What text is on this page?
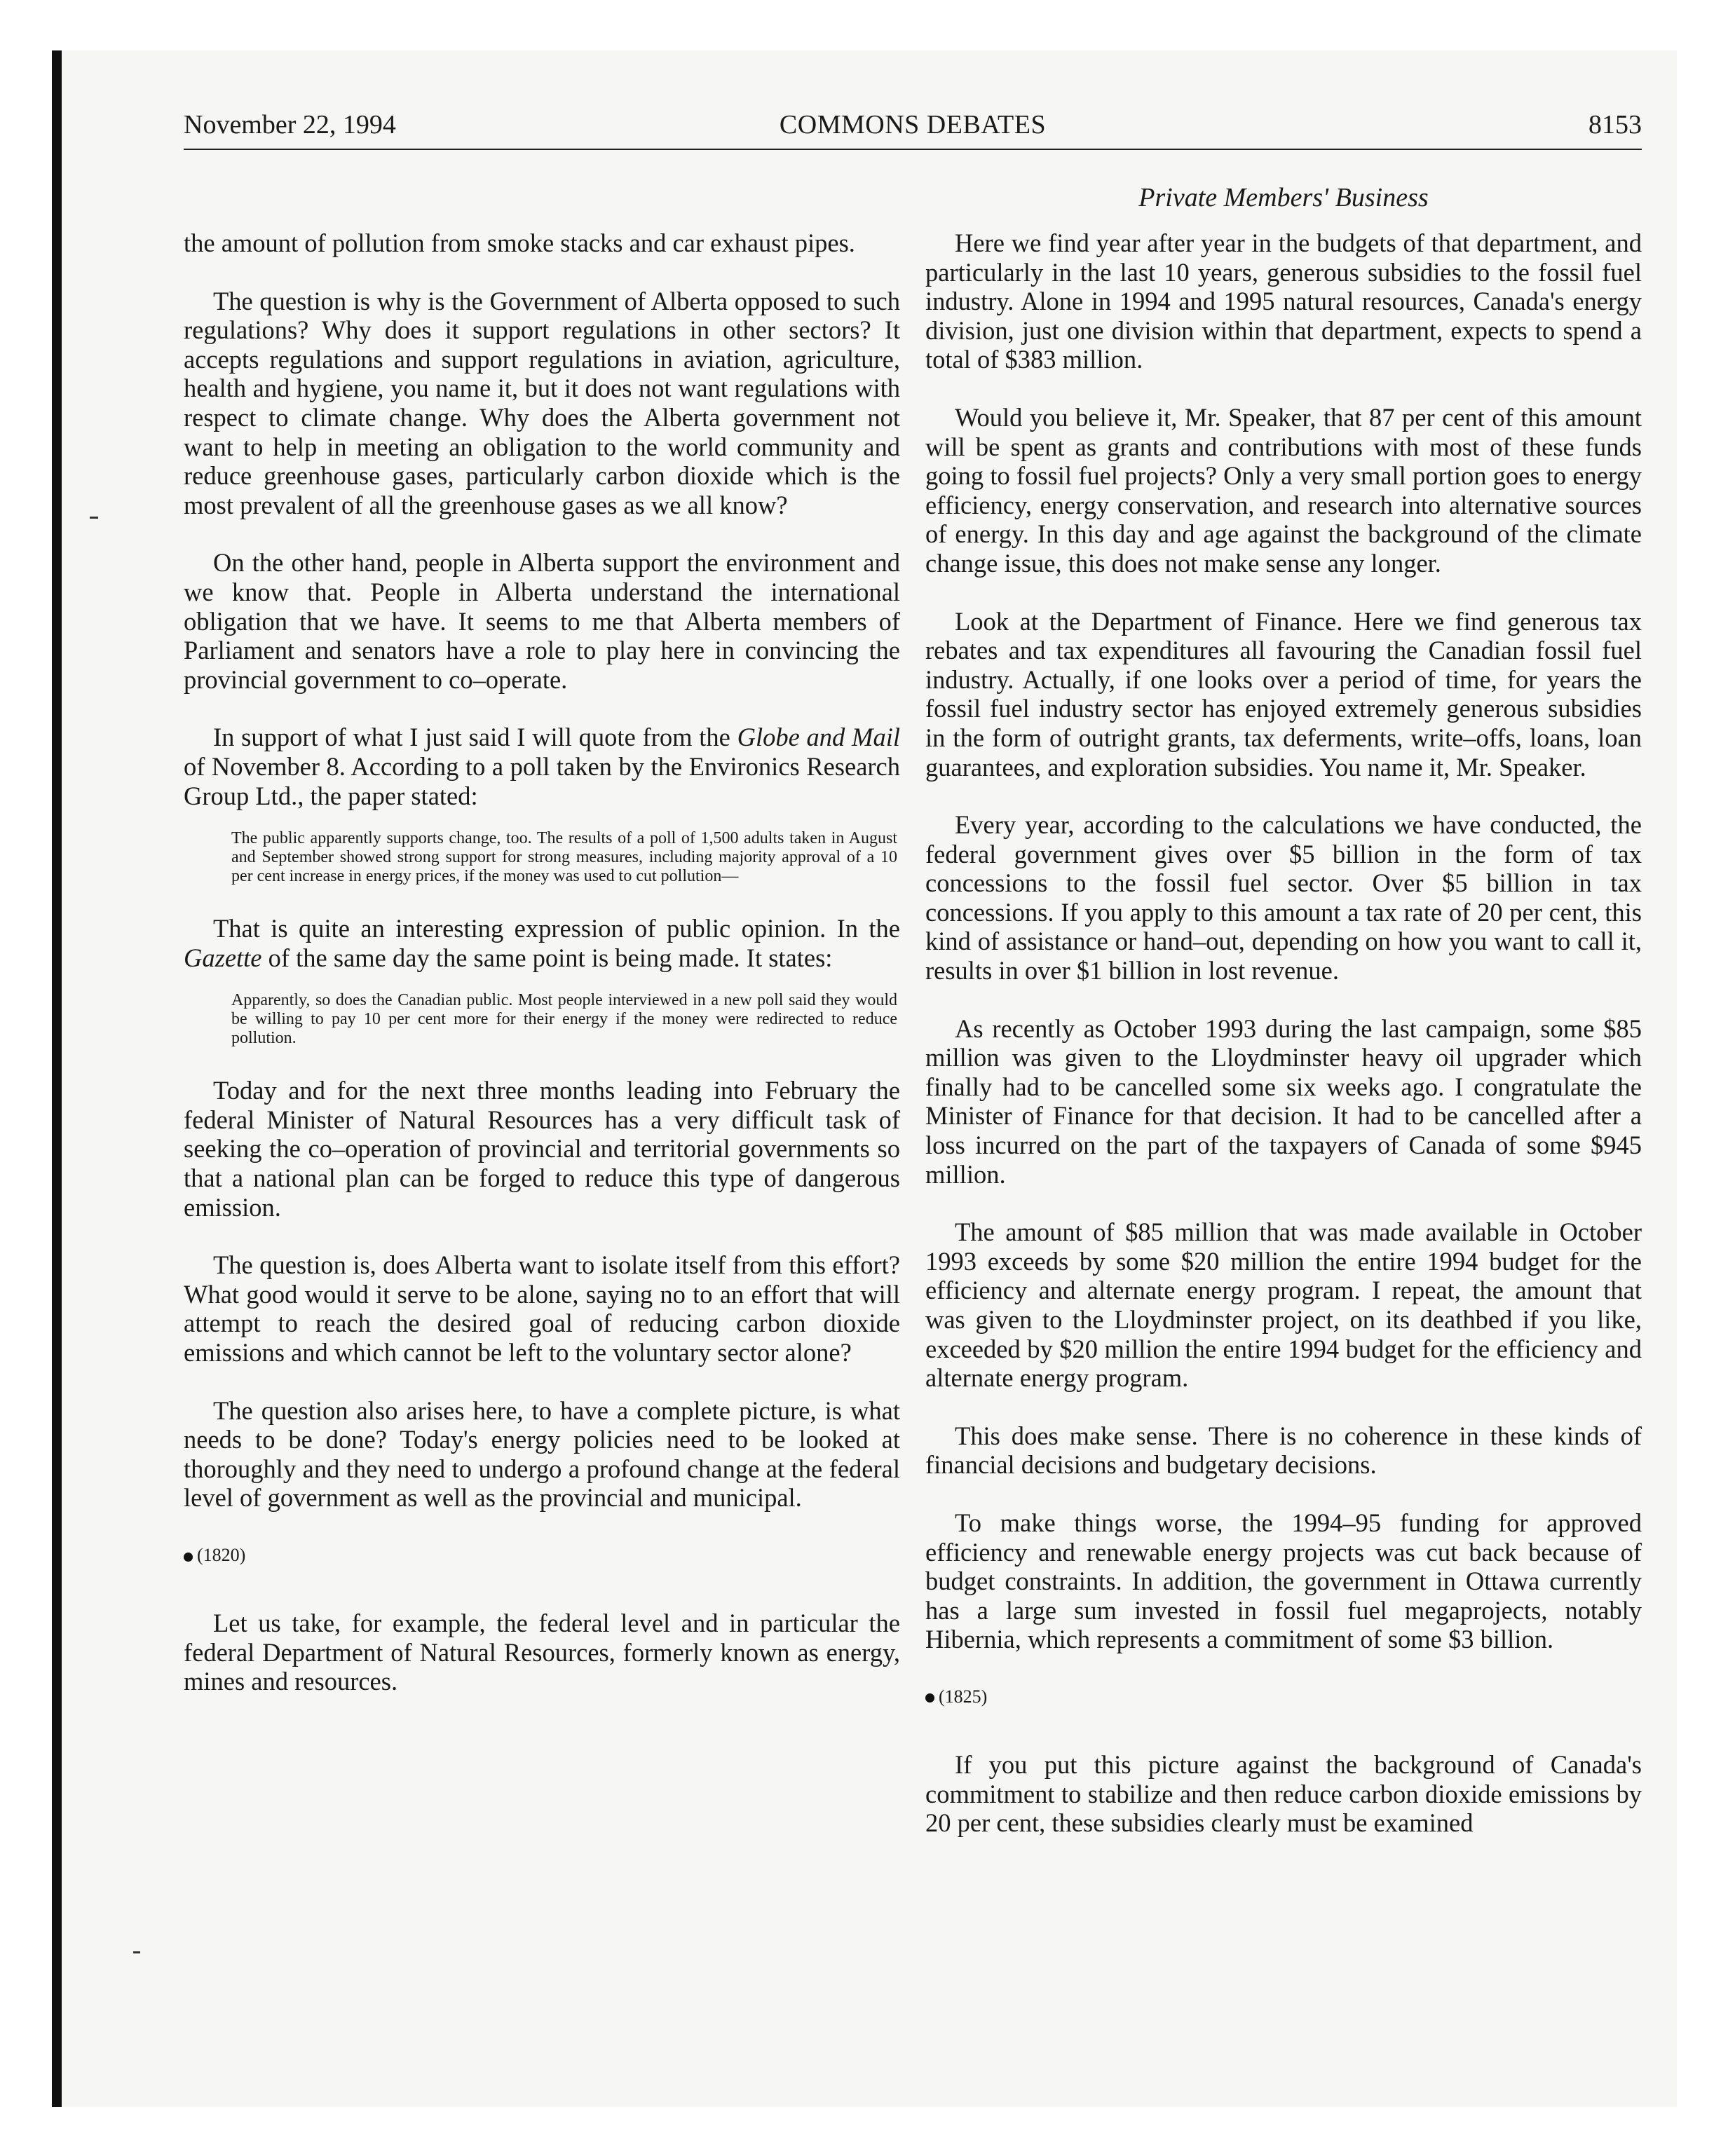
November 22, 1994	COMMONS DEBATES	8153
Private Members' Business

the amount of pollution from smoke stacks and car exhaust pipes.

The question is why is the Government of Alberta opposed to such regulations? Why does it support regulations in other sectors? It accepts regulations and support regulations in aviation, agriculture, health and hygiene, you name it, but it does not want regulations with respect to climate change. Why does the Alberta government not want to help in meeting an obligation to the world community and reduce greenhouse gases, particularly carbon dioxide which is the most prevalent of all the greenhouse gases as we all know?

On the other hand, people in Alberta support the environment and we know that. People in Alberta understand the international obligation that we have. It seems to me that Alberta members of Parliament and senators have a role to play here in convincing the provincial government to co–operate.

In support of what I just said I will quote from the Globe and Mail of November 8. According to a poll taken by the Environics Research Group Ltd., the paper stated:

The public apparently supports change, too. The results of a poll of 1,500 adults taken in August and September showed strong support for strong measures, including majority approval of a 10 per cent increase in energy prices, if the money was used to cut pollution—

That is quite an interesting expression of public opinion. In the Gazette of the same day the same point is being made. It states:

Apparently, so does the Canadian public. Most people interviewed in a new poll said they would be willing to pay 10 per cent more for their energy if the money were redirected to reduce pollution.

Today and for the next three months leading into February the federal Minister of Natural Resources has a very difficult task of seeking the co–operation of provincial and territorial governments so that a national plan can be forged to reduce this type of dangerous emission.

The question is, does Alberta want to isolate itself from this effort? What good would it serve to be alone, saying no to an effort that will attempt to reach the desired goal of reducing carbon dioxide emissions and which cannot be left to the voluntary sector alone?

The question also arises here, to have a complete picture, is what needs to be done? Today's energy policies need to be looked at thoroughly and they need to undergo a profound change at the federal level of government as well as the provincial and municipal.

(1820)

Let us take, for example, the federal level and in particular the federal Department of Natural Resources, formerly known as energy, mines and resources.

Here we find year after year in the budgets of that department, and particularly in the last 10 years, generous subsidies to the fossil fuel industry. Alone in 1994 and 1995 natural resources, Canada's energy division, just one division within that department, expects to spend a total of $383 million.

Would you believe it, Mr. Speaker, that 87 per cent of this amount will be spent as grants and contributions with most of these funds going to fossil fuel projects? Only a very small portion goes to energy efficiency, energy conservation, and research into alternative sources of energy. In this day and age against the background of the climate change issue, this does not make sense any longer.

Look at the Department of Finance. Here we find generous tax rebates and tax expenditures all favouring the Canadian fossil fuel industry. Actually, if one looks over a period of time, for years the fossil fuel industry sector has enjoyed extremely generous subsidies in the form of outright grants, tax deferments, write–offs, loans, loan guarantees, and exploration subsidies. You name it, Mr. Speaker.

Every year, according to the calculations we have conducted, the federal government gives over $5 billion in the form of tax concessions to the fossil fuel sector. Over $5 billion in tax concessions. If you apply to this amount a tax rate of 20 per cent, this kind of assistance or hand–out, depending on how you want to call it, results in over $1 billion in lost revenue.

As recently as October 1993 during the last campaign, some $85 million was given to the Lloydminster heavy oil upgrader which finally had to be cancelled some six weeks ago. I congratulate the Minister of Finance for that decision. It had to be cancelled after a loss incurred on the part of the taxpayers of Canada of some $945 million.

The amount of $85 million that was made available in October 1993 exceeds by some $20 million the entire 1994 budget for the efficiency and alternate energy program. I repeat, the amount that was given to the Lloydminster project, on its deathbed if you like, exceeded by $20 million the entire 1994 budget for the efficiency and alternate energy program.

This does make sense. There is no coherence in these kinds of financial decisions and budgetary decisions.

To make things worse, the 1994–95 funding for approved efficiency and renewable energy projects was cut back because of budget constraints. In addition, the government in Ottawa currently has a large sum invested in fossil fuel megaprojects, notably Hibernia, which represents a commitment of some $3 billion.

(1825)

If you put this picture against the background of Canada's commitment to stabilize and then reduce carbon dioxide emissions by 20 per cent, these subsidies clearly must be examined
